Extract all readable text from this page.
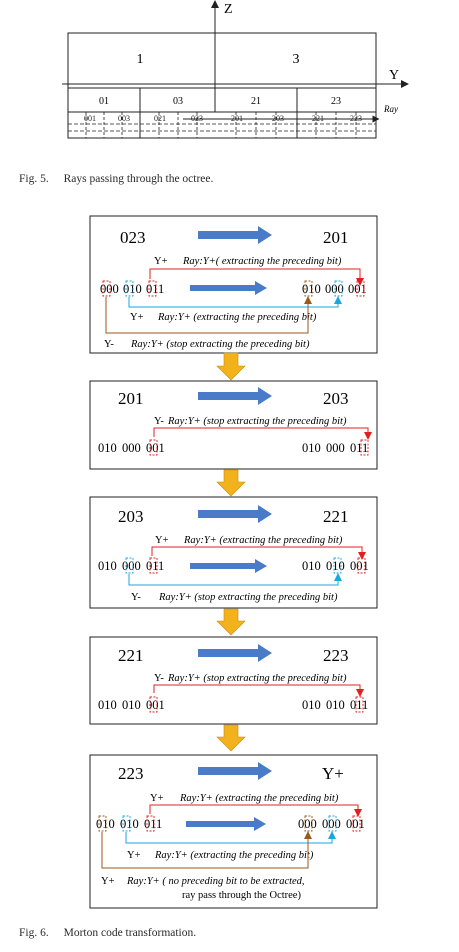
Z
Y
1	3
01	03	21	23
Ray
001	003	021	023	201	203	221	223
023	201
Y+ Ray:Y+( extracting the preceding bit)
000 010 011	010 000 001
Y+ Ray:Y+ (extracting the preceding bit)
Y- Ray:Y+ (stop extracting the preceding bit)
201	203
Y- Ray:Y+ (stop extracting the preceding bit)
010 000 001	010 000 011
203	221
Y+ Ray:Y+ (extracting the preceding bit)
010 000 011	010 010 001
Y- Ray:Y+ (stop extracting the preceding bit)
221	223
Y- Ray:Y+ (stop extracting the preceding bit)
010 010 001	010 010 011
223	Y+
Y+ Ray:Y+ (extracting the preceding bit)
010 010 011	000 000 001
Y+ Ray:Y+ (extracting the preceding bit)
Y+ Ray:Y+ ( no preceding bit to be extracted,
ray pass through the Octree)
Fig. 5. Rays passing through the octree.
Fig. 6. Morton code transformation.
